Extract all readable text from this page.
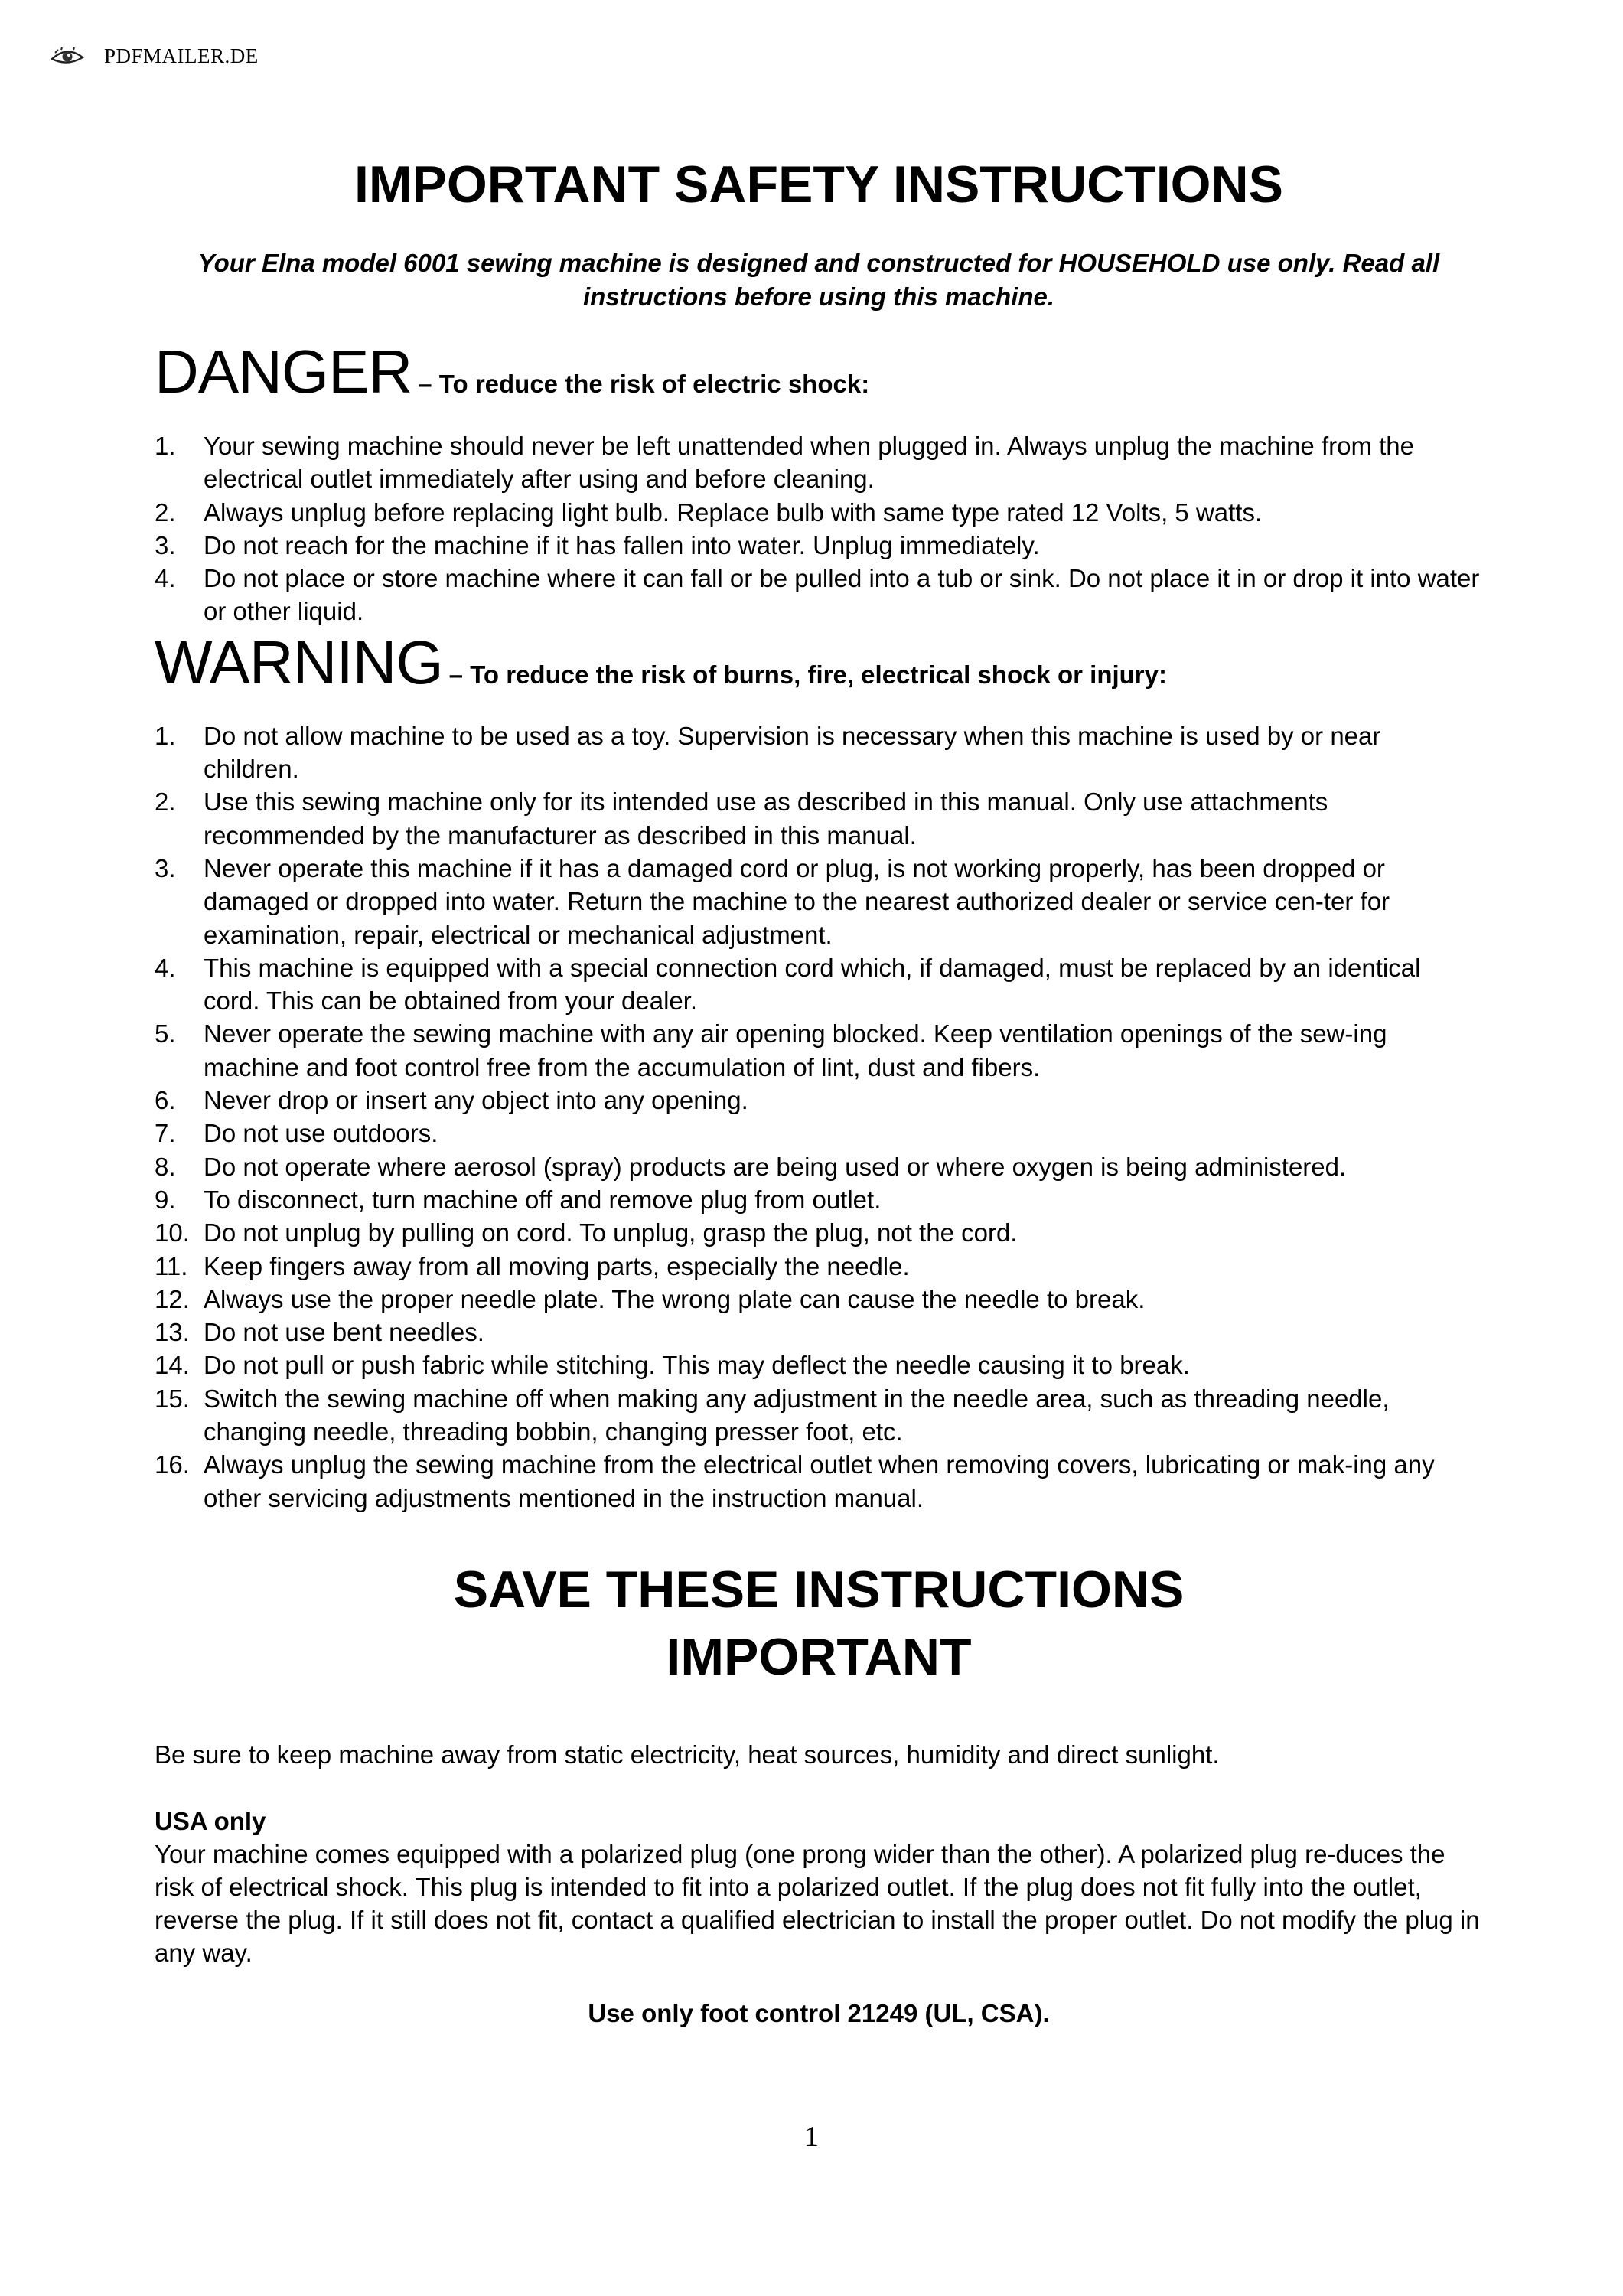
PDFMAILER.DE
IMPORTANT SAFETY INSTRUCTIONS

Your Elna model 6001 sewing machine is designed and constructed for HOUSEHOLD use only. Read all instructions before using this machine.

DANGER – To reduce the risk of electric shock:
1.	Your sewing machine should never be left unattended when plugged in. Always unplug the machine from the electrical outlet immediately after using and before cleaning.
2.	Always unplug before replacing light bulb. Replace bulb with same type rated 12 Volts, 5 watts.
3.	Do not reach for the machine if it has fallen into water. Unplug immediately.
4.	Do not place or store machine where it can fall or be pulled into a tub or sink. Do not place it in or drop it into water or other liquid.
WARNING – To reduce the risk of burns, fire, electrical shock or injury:
1.	Do not allow machine to be used as a toy. Supervision is necessary when this machine is used by or near children.
2.	Use this sewing machine only for its intended use as described in this manual. Only use attachments recommended by the manufacturer as described in this manual.
3.	Never operate this machine if it has a damaged cord or plug, is not working properly, has been dropped or damaged or dropped into water. Return the machine to the nearest authorized dealer or service cen-ter for examination, repair, electrical or mechanical adjustment.
4.	This machine is equipped with a special connection cord which, if damaged, must be replaced by an identical cord. This can be obtained from your dealer.
5.	Never operate the sewing machine with any air opening blocked. Keep ventilation openings of the sew-ing machine and foot control free from the accumulation of lint, dust and fibers.
6.	Never drop or insert any object into any opening.
7.	Do not use outdoors.
8.	Do not operate where aerosol (spray) products are being used or where oxygen is being administered.
9.	To disconnect, turn machine off and remove plug from outlet.
10. Do not unplug by pulling on cord. To unplug, grasp the plug, not the cord.
11. Keep fingers away from all moving parts, especially the needle.
12. Always use the proper needle plate. The wrong plate can cause the needle to break.
13. Do not use bent needles.
14. Do not pull or push fabric while stitching. This may deflect the needle causing it to break.
15. Switch the sewing machine off when making any adjustment in the needle area, such as threading needle, changing needle, threading bobbin, changing presser foot, etc.
16. Always unplug the sewing machine from the electrical outlet when removing covers, lubricating or mak-ing any other servicing adjustments mentioned in the instruction manual.
SAVE THESE INSTRUCTIONS
IMPORTANT

Be sure to keep machine away from static electricity, heat sources, humidity and direct sunlight.

USA only

Your machine comes equipped with a polarized plug (one prong wider than the other). A polarized plug re-duces the risk of electrical shock. This plug is intended to fit into a polarized outlet. If the plug does not fit fully into the outlet, reverse the plug. If it still does not fit, contact a qualified electrician to install the proper outlet. Do not modify the plug in any way.

Use only foot control 21249 (UL, CSA).
1
